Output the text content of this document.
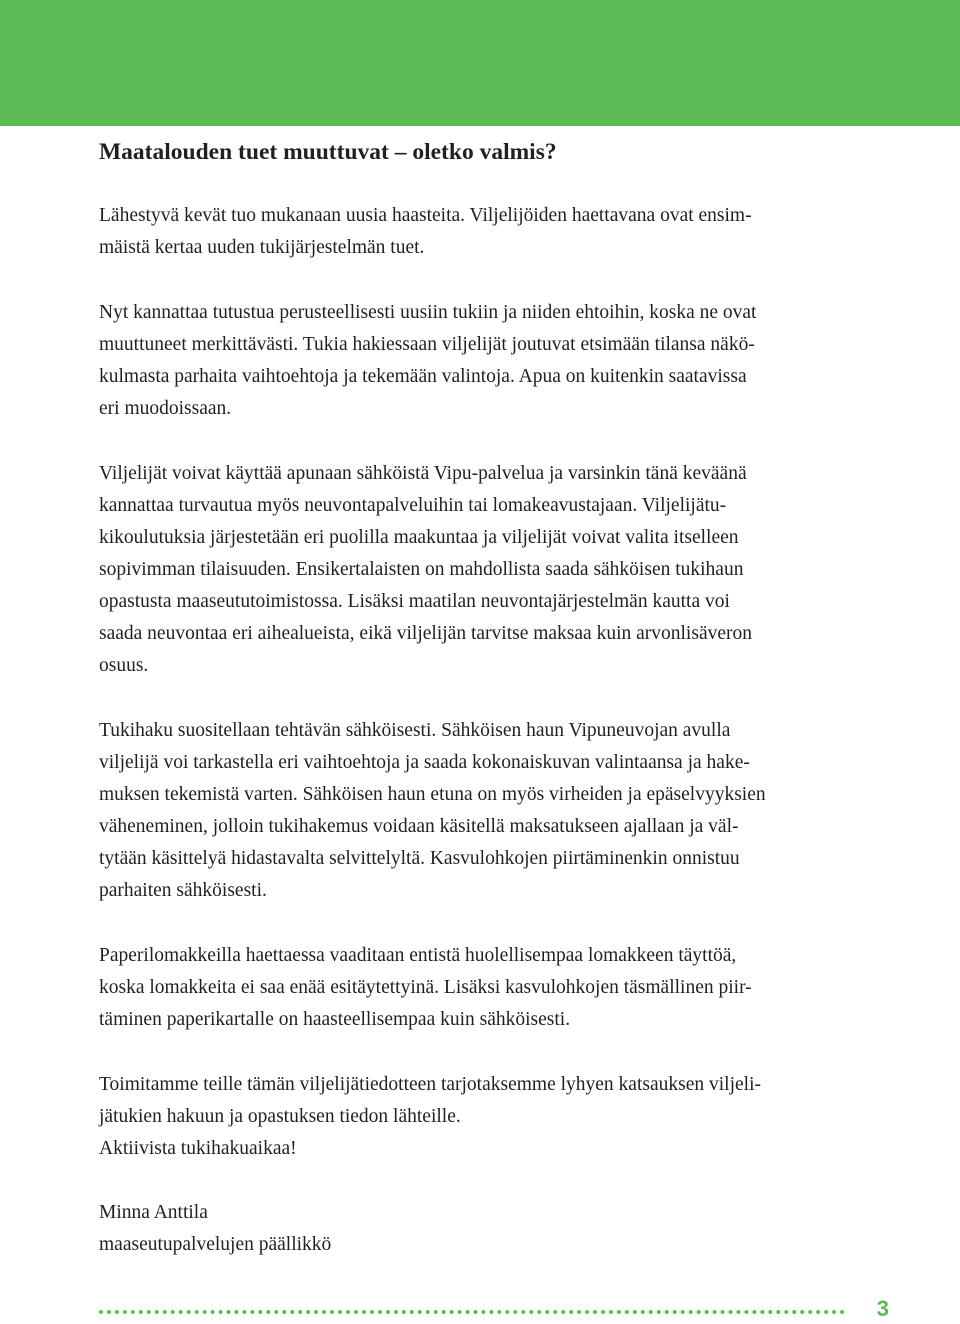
Maatalouden tuet muuttuvat – oletko valmis?

Lähestyvä kevät tuo mukanaan uusia haasteita. Viljelijöiden haettavana ovat ensim-
mäistä kertaa uuden tukijärjestelmän tuet.

Nyt kannattaa tutustua perusteellisesti uusiin tukiin ja niiden ehtoihin, koska ne ovat
muuttuneet merkittävästi. Tukia hakiessaan viljelijät joutuvat etsimään tilansa näkö-
kulmasta parhaita vaihtoehtoja ja tekemään valintoja. Apua on kuitenkin saatavissa
eri muodoissaan.

Viljelijät voivat käyttää apunaan sähköistä Vipu-palvelua ja varsinkin tänä keväänä
kannattaa turvautua myös neuvontapalveluihin tai lomakeavustajaan. Viljelijätu-
kikoulutuksia järjestetään eri puolilla maakuntaa ja viljelijät voivat valita itselleen
sopivimman tilaisuuden. Ensikertalaisten on mahdollista saada sähköisen tukihaun
opastusta maaseututoimistossa. Lisäksi maatilan neuvontajärjestelmän kautta voi
saada neuvontaa eri aihealueista, eikä viljelijän tarvitse maksaa kuin arvonlisäveron
osuus.

Tukihaku suositellaan tehtävän sähköisesti. Sähköisen haun Vipuneuvojan avulla
viljelijä voi tarkastella eri vaihtoehtoja ja saada kokonaiskuvan valintaansa ja hake-
muksen tekemistä varten. Sähköisen haun etuna on myös virheiden ja epäselvyyksien
väheneminen, jolloin tukihakemus voidaan käsitellä maksatukseen ajallaan ja väl-
tytään käsittelyä hidastavalta selvittelyltä. Kasvulohkojen piirtäminenkin onnistuu
parhaiten sähköisesti.

Paperilomakkeilla haettaessa vaaditaan entistä huolellisempaa lomakkeen täyttöä,
koska lomakkeita ei saa enää esitäytettyinä. Lisäksi kasvulohkojen täsmällinen piir-
täminen paperikartalle on haasteellisempaa kuin sähköisesti.

Toimitamme teille tämän viljelijätiedotteen tarjotaksemme lyhyen katsauksen viljeli-
jätukien hakuun ja opastuksen tiedon lähteille.
Aktiivista tukihakuaikaa!

Minna Anttila
maaseutupalvelujen päällikkö

3
